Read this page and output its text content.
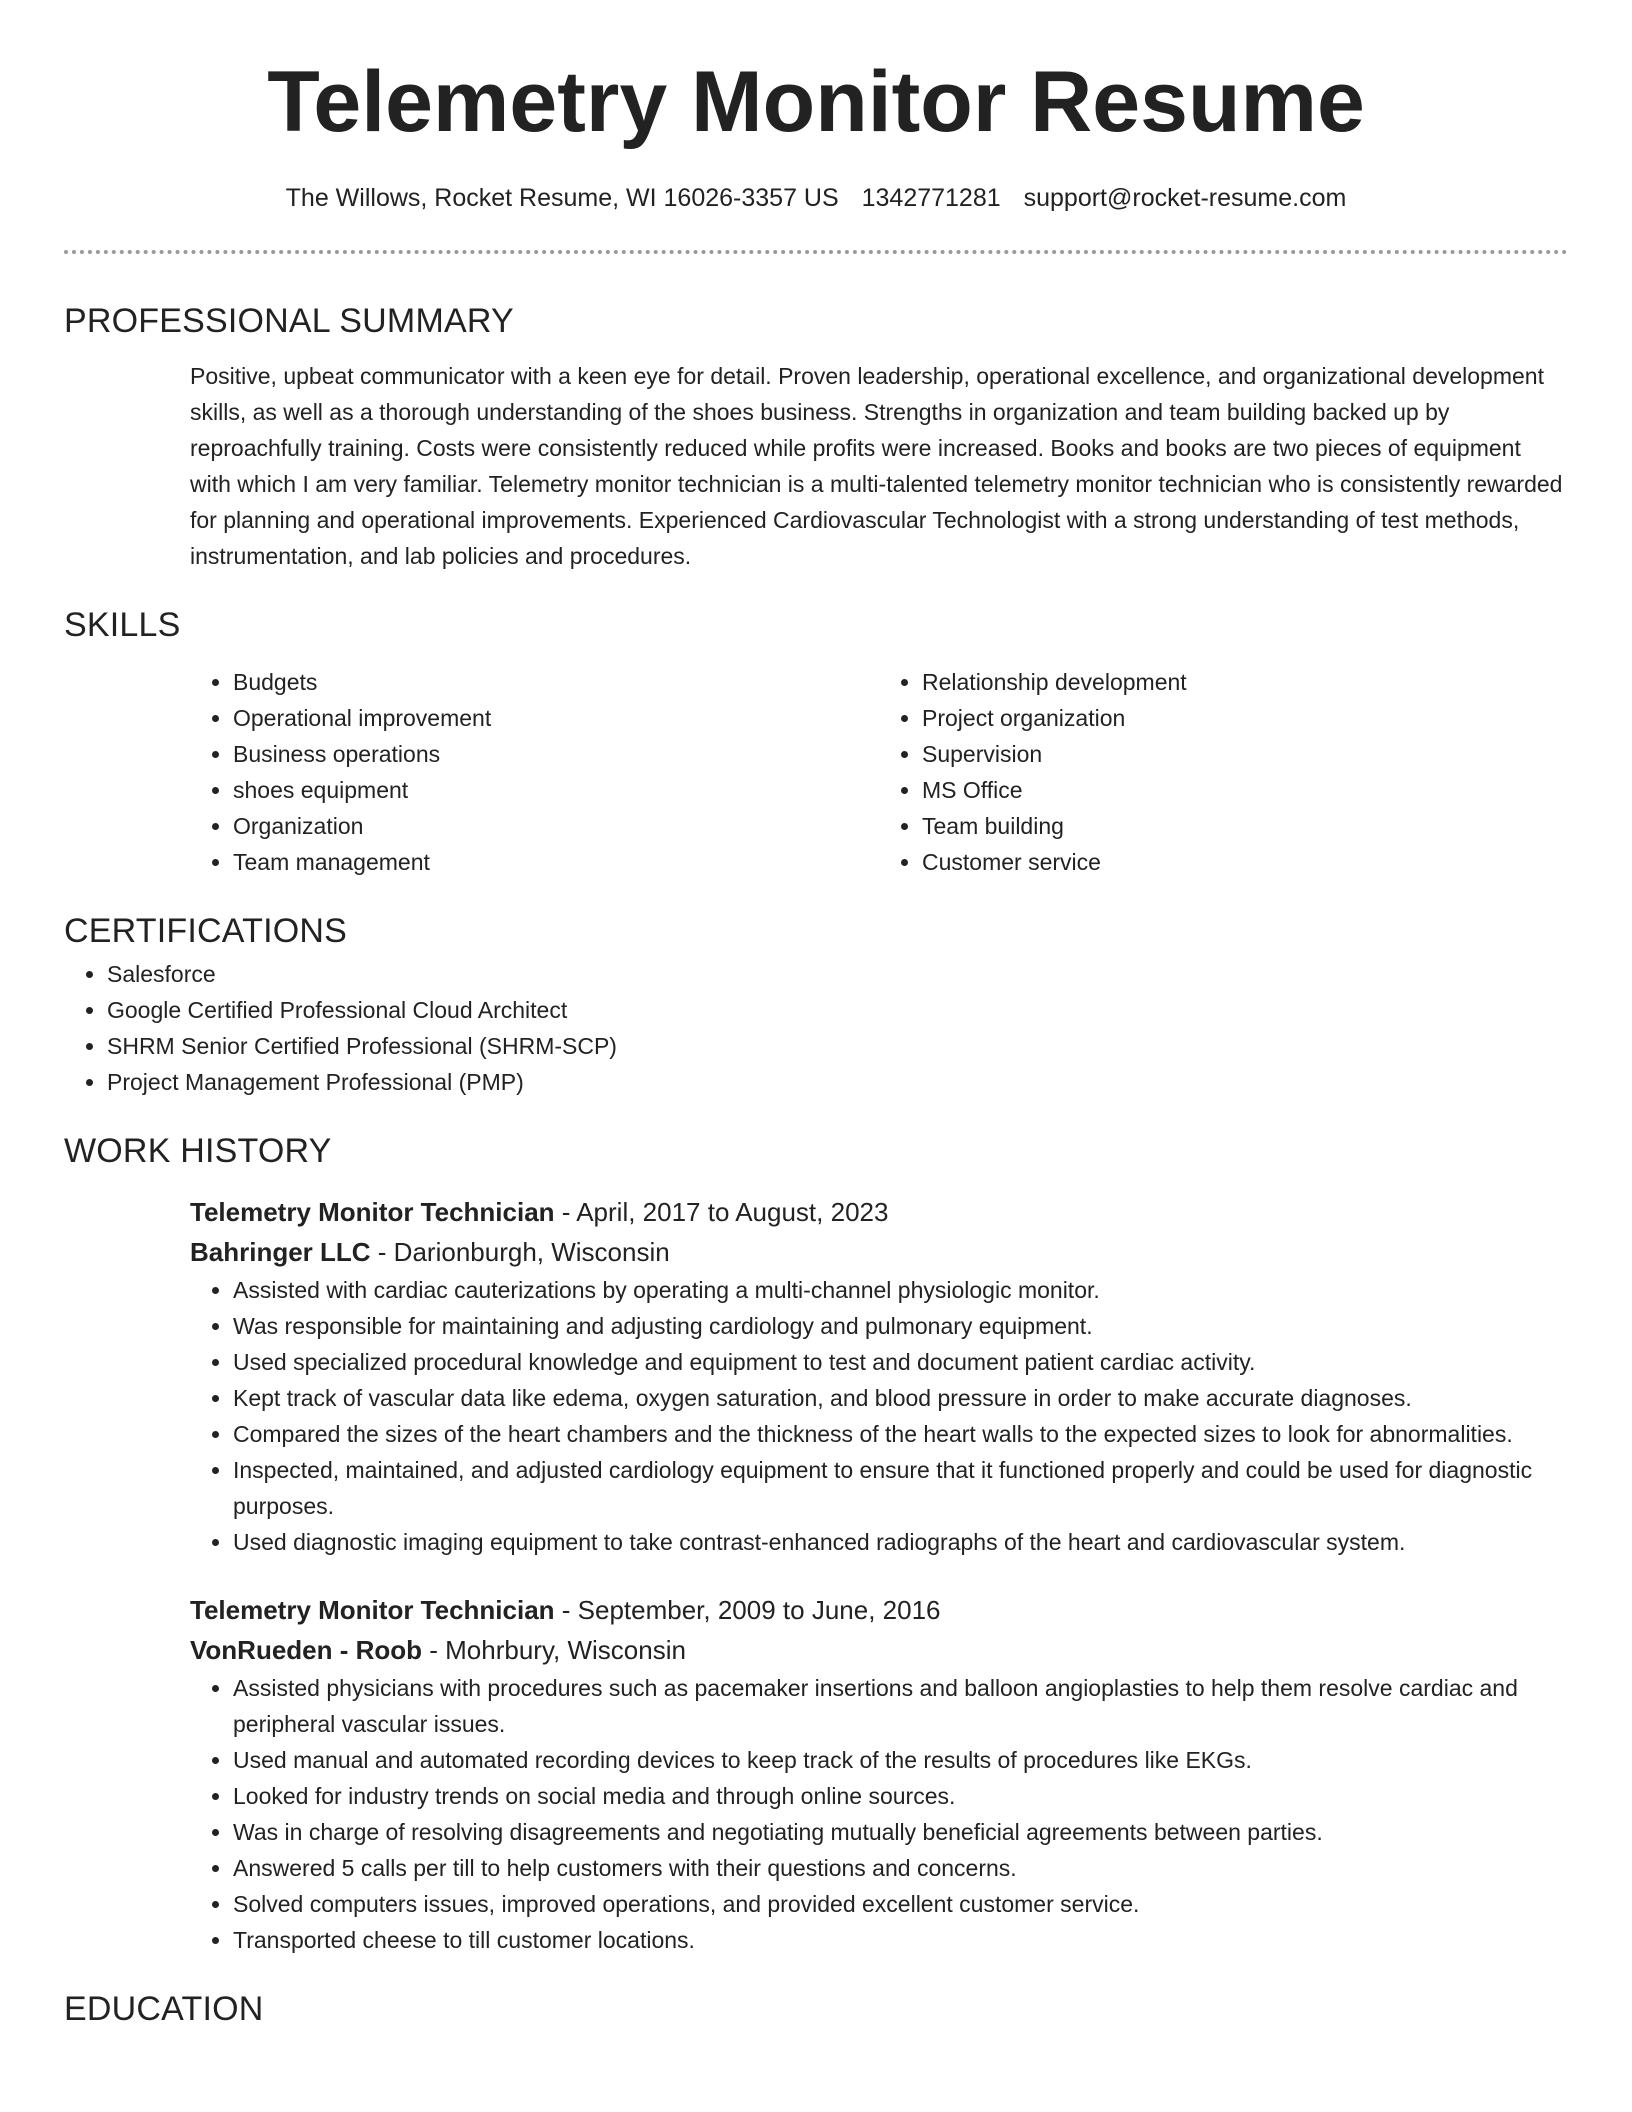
Telemetry Monitor Resume
The Willows, Rocket Resume, WI 16026-3357 US 1342771281 support@rocket-resume.com
PROFESSIONAL SUMMARY

Positive, upbeat communicator with a keen eye for detail. Proven leadership, operational excellence, and organizational development skills, as well as a thorough understanding of the shoes business. Strengths in organization and team building backed up by reproachfully training. Costs were consistently reduced while profits were increased. Books and books are two pieces of equipment with which I am very familiar. Telemetry monitor technician is a multi-talented telemetry monitor technician who is consistently rewarded for planning and operational improvements. Experienced Cardiovascular Technologist with a strong understanding of test methods, instrumentation, and lab policies and procedures.

SKILLS
• Budgets
• Operational improvement
• Business operations
• shoes equipment
• Organization
• Team management
• Relationship development
• Project organization
• Supervision
• MS Office
• Team building
• Customer service
CERTIFICATIONS
• Salesforce
• Google Certified Professional Cloud Architect
• SHRM Senior Certified Professional (SHRM-SCP)
• Project Management Professional (PMP)
WORK HISTORY
Telemetry Monitor Technician - April, 2017 to August, 2023
Bahringer LLC - Darionburgh, Wisconsin
• Assisted with cardiac cauterizations by operating a multi-channel physiologic monitor.
• Was responsible for maintaining and adjusting cardiology and pulmonary equipment.
• Used specialized procedural knowledge and equipment to test and document patient cardiac activity.
• Kept track of vascular data like edema, oxygen saturation, and blood pressure in order to make accurate diagnoses.
• Compared the sizes of the heart chambers and the thickness of the heart walls to the expected sizes to look for abnormalities.
• Inspected, maintained, and adjusted cardiology equipment to ensure that it functioned properly and could be used for diagnostic purposes.
• Used diagnostic imaging equipment to take contrast-enhanced radiographs of the heart and cardiovascular system.
Telemetry Monitor Technician - September, 2009 to June, 2016
VonRueden - Roob - Mohrbury, Wisconsin
• Assisted physicians with procedures such as pacemaker insertions and balloon angioplasties to help them resolve cardiac and peripheral vascular issues.
• Used manual and automated recording devices to keep track of the results of procedures like EKGs.
• Looked for industry trends on social media and through online sources.
• Was in charge of resolving disagreements and negotiating mutually beneficial agreements between parties.
• Answered 5 calls per till to help customers with their questions and concerns.
• Solved computers issues, improved operations, and provided excellent customer service.
• Transported cheese to till customer locations.
EDUCATION
